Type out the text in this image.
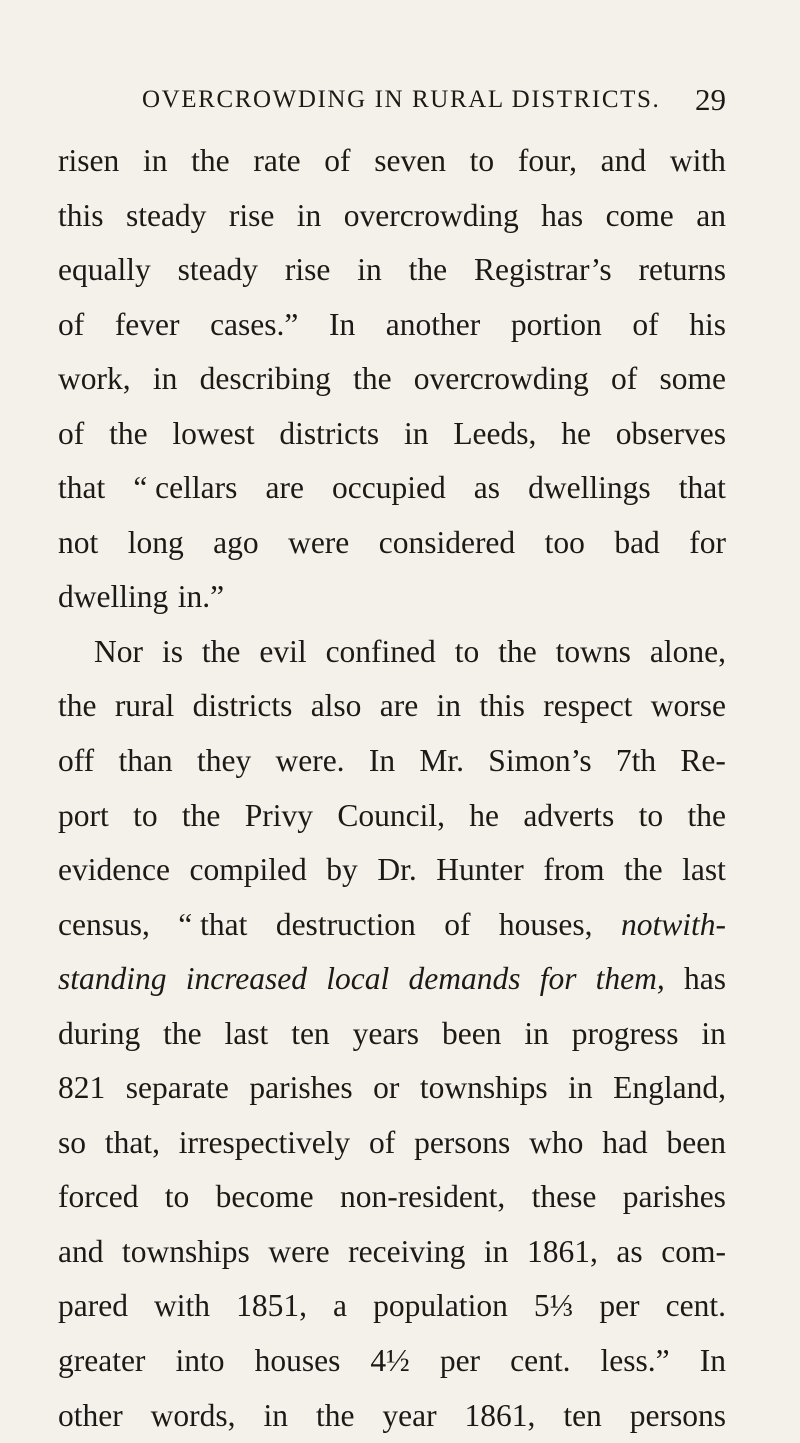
OVERCROWDING IN RURAL DISTRICTS. 29
risen in the rate of seven to four, and with
this steady rise in overcrowding has come an
equally steady rise in the Registrar’s returns
of fever cases.” In another portion of his
work, in describing the overcrowding of some
of the lowest districts in Leeds, he observes
that “ cellars are occupied as dwellings that
not long ago were considered too bad for
dwelling in.”
Nor is the evil confined to the towns alone,
the rural districts also are in this respect worse
off than they were. In Mr. Simon’s 7th Re-
port to the Privy Council, he adverts to the
evidence compiled by Dr. Hunter from the last
census, “ that destruction of houses, notwith-
standing increased local demands for them, has
during the last ten years been in progress in
821 separate parishes or townships in England,
so that, irrespectively of persons who had been
forced to become non-resident, these parishes
and townships were receiving in 1861, as com-
pared with 1851, a population 5⅓ per cent.
greater into houses 4½ per cent. less.” In
other words, in the year 1861, ten persons
